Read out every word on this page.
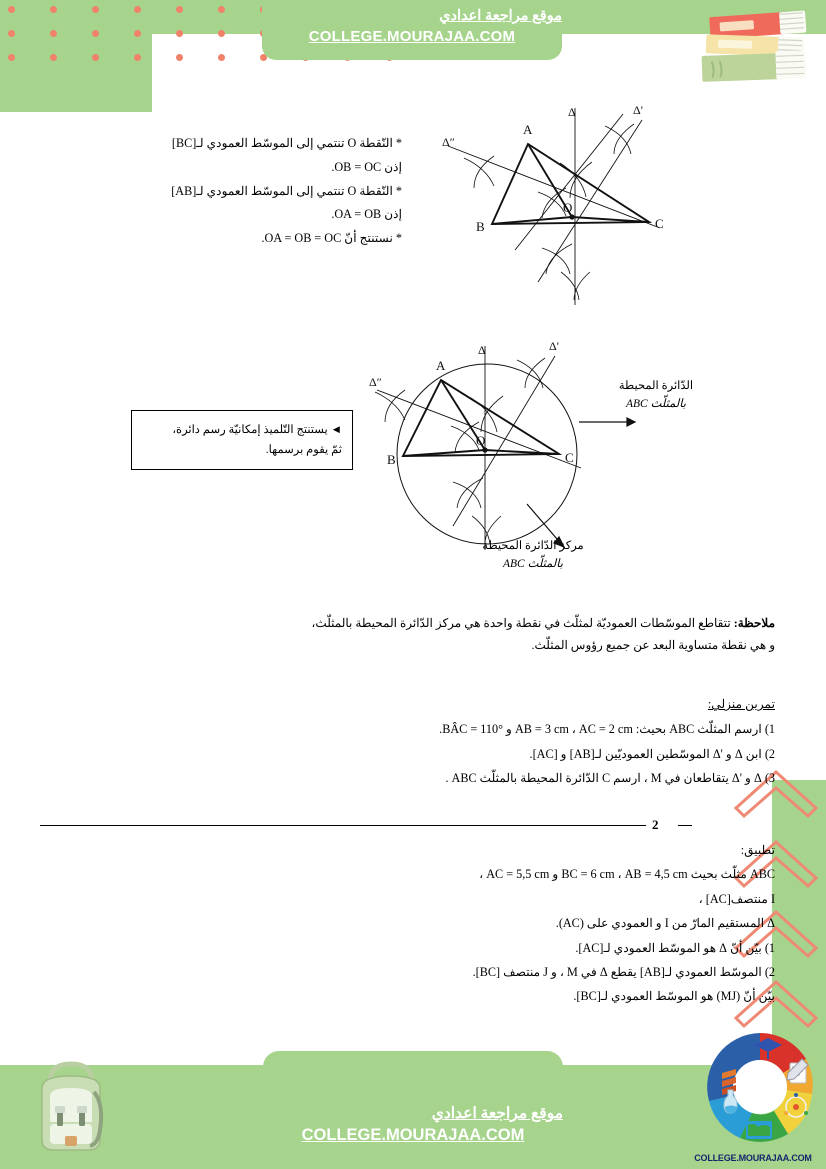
موقع مراجعة اعدادي
COLLEGE.MOURAJAA.COM
* النّقطة O تنتمي إلى الموسّط العمودي لـ[BC]
إذن OB = OC.
* النّقطة O تنتمي إلى الموسّط العمودي لـ[AB]
إذن OA = OB.
* نستنتج أنّ OA = OB = OC.
A
B	C
O
Δ	Δ'
Δ″
A
B	C
O
Δ	Δ'
Δ″	الدّائرة المحيطة
بالمثلّث ABC
مركز الدّائرة المحيطة
بالمثلّث ABC
◄ يستنتج التّلميذ إمكانيّة رسم دائرة،
ثمّ يقوم برسمها.
ملاحظة: تتقاطع الموسّطات العموديّة لمثلّث في نقطة واحدة هي مركز الدّائرة المحيطة بالمثلّث،
و هي نقطة متساوية البعد عن جميع رؤوس المثلّث.
تمرين منزلي:
1) ارسم المثلّث ABC بحيث: AB = 3 cm ، AC = 2 cm و BÂC = 110°.
2) ابن Δ و 'Δ الموسّطين العموديّين لـ[AB] و [AC].
3) Δ و 'Δ يتقاطعان في M ، ارسم C الدّائرة المحيطة بالمثلّث ABC .
2
تطبيق:
ABC مثلّث بحيث BC = 6 cm ، AB = 4,5 cm و AC = 5,5 cm ،
I منتصف[AC] ،
Δ المستقيم المارّ من I و العمودي على (AC).
1) بيّن أنّ Δ هو الموسّط العمودي لـ[AC].
2) الموسّط العمودي لـ[AB] يقطع Δ في M ، و J منتصف [BC].
بيّن أنّ (MJ) هو الموسّط العمودي لـ[BC].
موقع مراجعة اعدادي
COLLEGE.MOURAJAA.COM
COLLEGE.MOURAJAA.COM
